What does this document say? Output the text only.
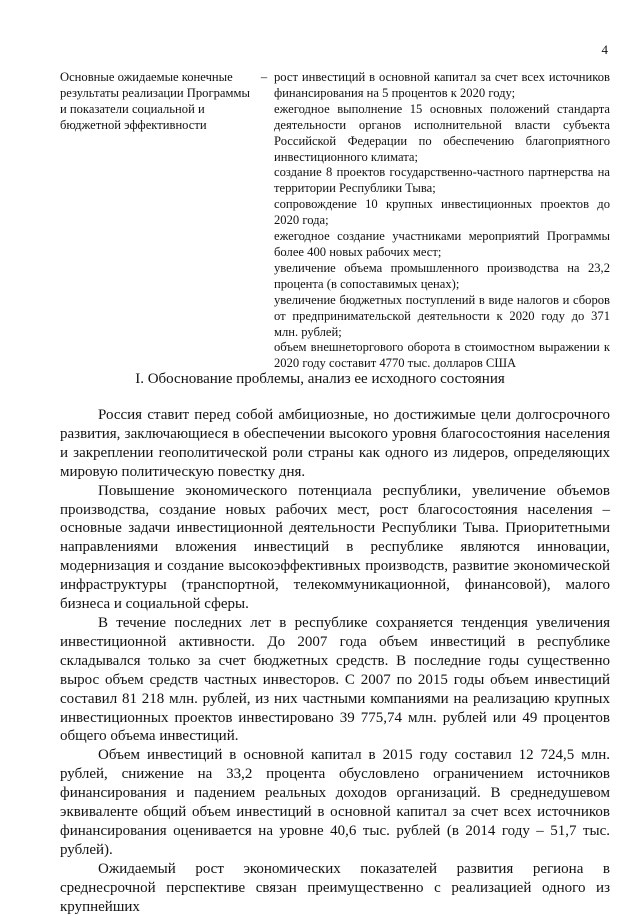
4
Основные ожидаемые конечные результаты реализации Программы и показатели социальной и бюджетной эффективности
– рост инвестиций в основной капитал за счет всех источников финансирования на 5 процентов к 2020 году;

ежегодное выполнение 15 основных положений стандарта деятельности органов исполнительной власти субъекта Российской Федерации по обеспечению благоприятного инвестиционного климата;

создание 8 проектов государственно-частного партнерства на территории Республики Тыва;

сопровождение 10 крупных инвестиционных проектов до 2020 года;

ежегодное создание участниками мероприятий Программы более 400 новых рабочих мест;

увеличение объема промышленного производства на 23,2 процента (в сопоставимых ценах);

увеличение бюджетных поступлений в виде налогов и сборов от предпринимательской деятельности к 2020 году до 371 млн. рублей;

объем внешнеторгового оборота в стоимостном выражении к 2020 году составит 4770 тыс. долларов США

I. Обоснование проблемы, анализ ее исходного состояния

Россия ставит перед собой амбициозные, но достижимые цели долгосрочного развития, заключающиеся в обеспечении высокого уровня благосостояния населения и закреплении геополитической роли страны как одного из лидеров, определяющих мировую политическую повестку дня.

Повышение экономического потенциала республики, увеличение объемов производства, создание новых рабочих мест, рост благосостояния населения – основные задачи инвестиционной деятельности Республики Тыва. Приоритетными направлениями вложения инвестиций в республике являются инновации, модернизация и создание высокоэффективных производств, развитие экономической инфраструктуры (транспортной, телекоммуникационной, финансовой), малого бизнеса и социальной сферы.

В течение последних лет в республике сохраняется тенденция увеличения инвестиционной активности. До 2007 года объем инвестиций в республике складывался только за счет бюджетных средств. В последние годы существенно вырос объем средств частных инвесторов. С 2007 по 2015 годы объем инвестиций составил 81 218 млн. рублей, из них частными компаниями на реализацию крупных инвестиционных проектов инвестировано 39 775,74 млн. рублей или 49 процентов общего объема инвестиций.

Объем инвестиций в основной капитал в 2015 году составил 12 724,5 млн. рублей, снижение на 33,2 процента обусловлено ограничением источников финансирования и падением реальных доходов организаций. В среднедушевом эквиваленте общий объем инвестиций в основной капитал за счет всех источников финансирования оценивается на уровне 40,6 тыс. рублей (в 2014 году – 51,7 тыс. рублей).

Ожидаемый рост экономических показателей развития региона в среднесрочной перспективе связан преимущественно с реализацией одного из крупнейших
